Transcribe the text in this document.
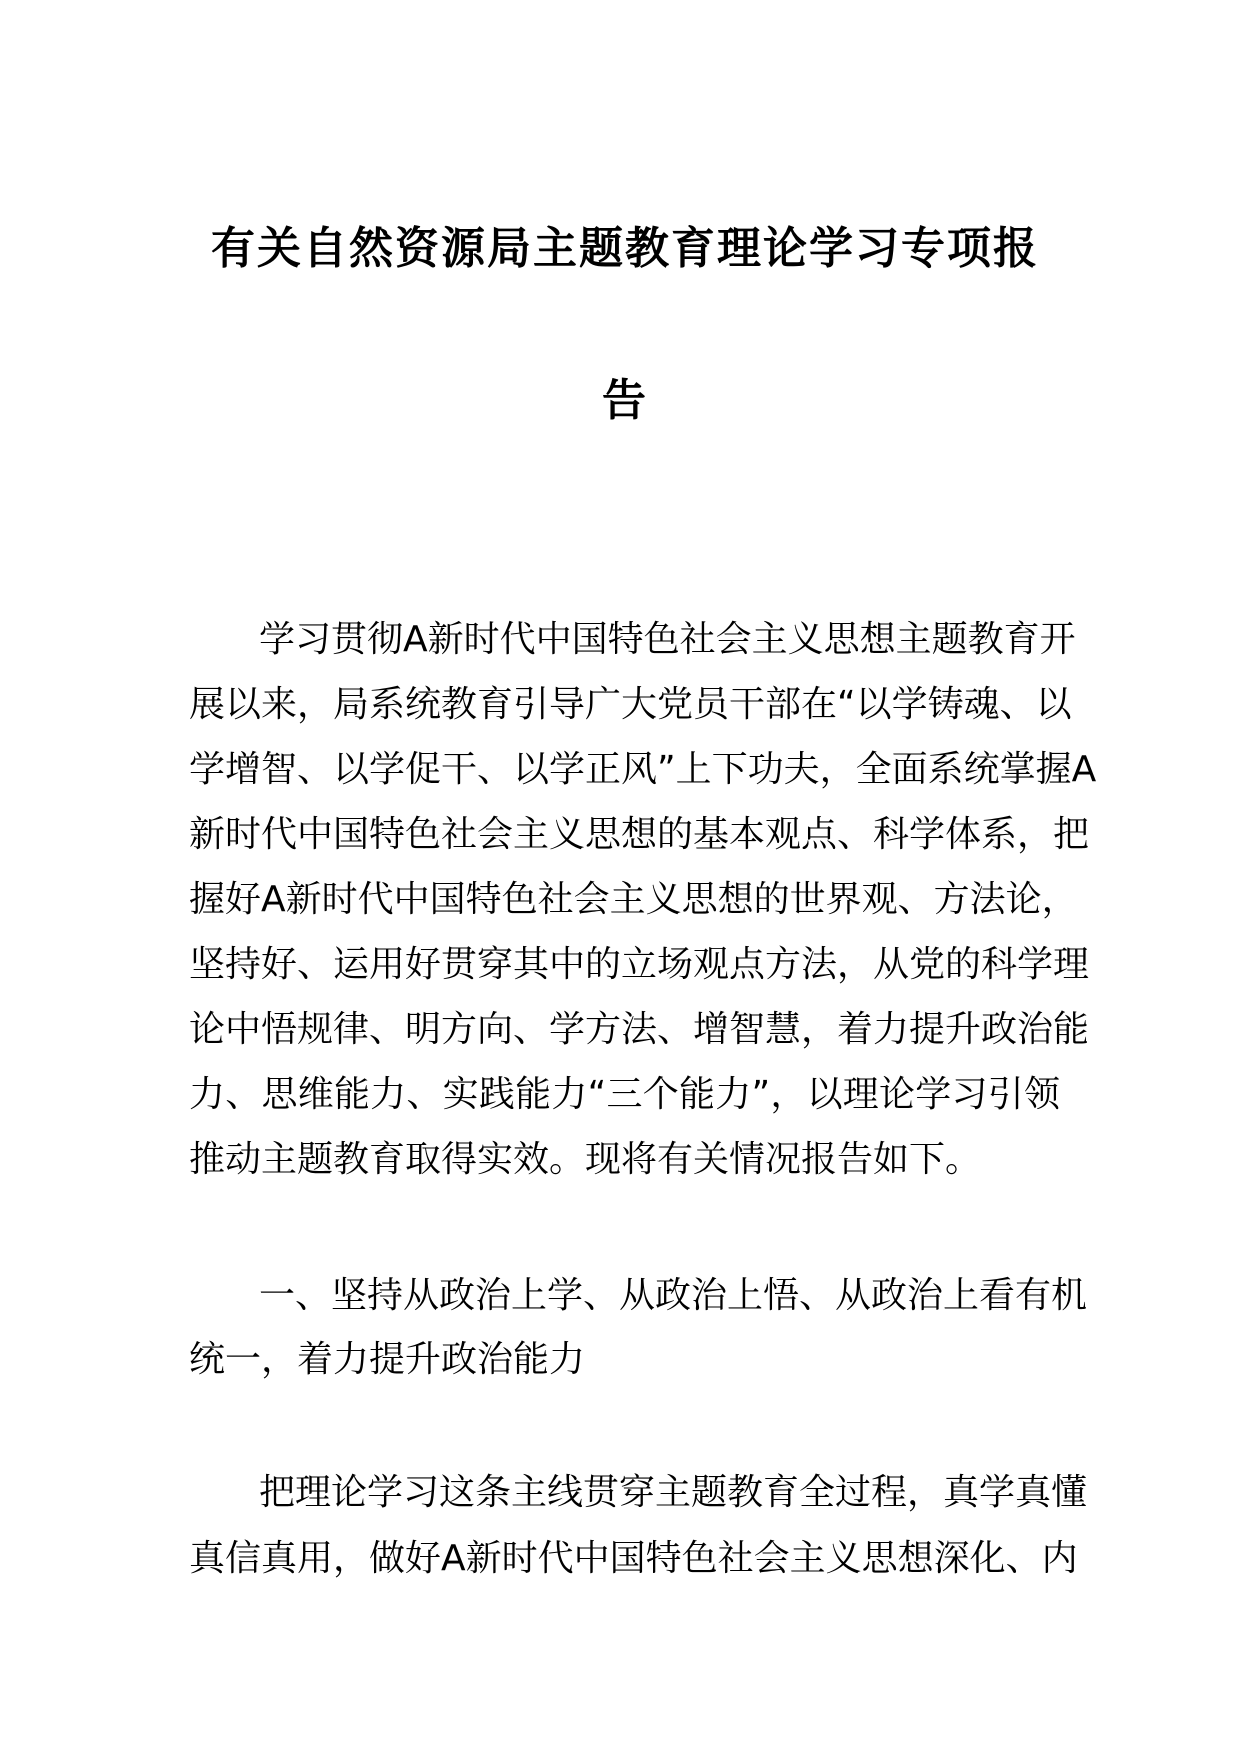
有关自然资源局主题教育理论学习专项报
告
学习贯彻A新时代中国特色社会主义思想主题教育开
展以来，局系统教育引导广大党员干部在“以学铸魂、以
学增智、以学促干、以学正风”上下功夫，全面系统掌握A
新时代中国特色社会主义思想的基本观点、科学体系，把
握好A新时代中国特色社会主义思想的世界观、方法论，
坚持好、运用好贯穿其中的立场观点方法，从党的科学理
论中悟规律、明方向、学方法、增智慧，着力提升政治能
力、思维能力、实践能力“三个能力”，以理论学习引领
推动主题教育取得实效。现将有关情况报告如下。
一、坚持从政治上学、从政治上悟、从政治上看有机
统一，着力提升政治能力
把理论学习这条主线贯穿主题教育全过程，真学真懂
真信真用，做好A新时代中国特色社会主义思想深化、内
